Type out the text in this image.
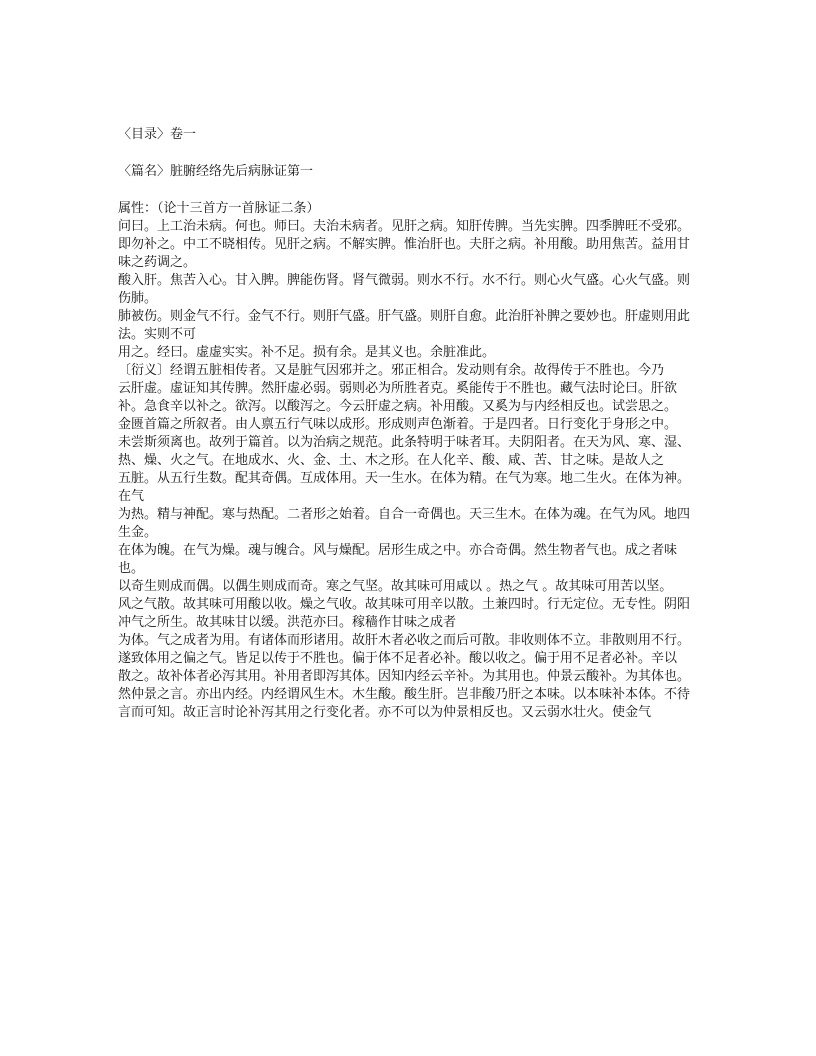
〈目录〉卷一
〈篇名〉脏腑经络先后病脉证第一
属性：（论十三首方一首脉证二条）
问曰。上工治未病。何也。师曰。夫治未病者。见肝之病。知肝传脾。当先实脾。四季脾旺不受邪。
即勿补之。中工不晓相传。见肝之病。不解实脾。惟治肝也。夫肝之病。补用酸。助用焦苦。益用甘味之药调之。
酸入肝。焦苦入心。甘入脾。脾能伤肾。肾气微弱。则水不行。水不行。则心火气盛。心火气盛。则伤肺。
肺被伤。则金气不行。金气不行。则肝气盛。肝气盛。则肝自愈。此治肝补脾之要妙也。肝虚则用此法。实则不可
用之。经曰。虚虚实实。补不足。损有余。是其义也。余脏准此。
〔衍义〕经谓五脏相传者。又是脏气因邪并之。邪正相合。发动则有余。故得传于不胜也。今乃
云肝虚。虚证知其传脾。然肝虚必弱。弱则必为所胜者克。奚能传于不胜也。藏气法时论曰。肝欲
补。急食辛以补之。欲泻。以酸泻之。今云肝虚之病。补用酸。又奚为与内经相反也。试尝思之。
金匮首篇之所叙者。由人禀五行气味以成形。形成则声色渐着。于是四者。日行变化于身形之中。
未尝斯须离也。故列于篇首。以为治病之规范。此条特明于味者耳。夫阴阳者。在天为风、寒、湿、热、燥、火之气。在地成水、火、金、土、木之形。在人化辛、酸、咸、苦、甘之味。是故人之
五脏。从五行生数。配其奇偶。互成体用。天一生水。在体为精。在气为寒。地二生火。在体为神。在气
为热。精与神配。寒与热配。二者形之始着。自合一奇偶也。天三生木。在体为魂。在气为风。地四生金。
在体为魄。在气为燥。魂与魄合。风与燥配。居形生成之中。亦合奇偶。然生物者气也。成之者味也。
以奇生则成而偶。以偶生则成而奇。寒之气坚。故其味可用咸以 。热之气 。故其味可用苦以坚。
风之气散。故其味可用酸以收。燥之气收。故其味可用辛以散。土兼四时。行无定位。无专性。阴阳
冲气之所生。故其味甘以缓。洪范亦曰。稼穑作甘味之成者
为体。气之成者为用。有诸体而形诸用。故肝木者必收之而后可散。非收则体不立。非散则用不行。
遂致体用之偏之气。皆足以传于不胜也。偏于体不足者必补。酸以收之。偏于用不足者必补。辛以
散之。故补体者必泻其用。补用者即泻其体。因知内经云辛补。为其用也。仲景云酸补。为其体也。
然仲景之言。亦出内经。内经谓风生木。木生酸。酸生肝。岂非酸乃肝之本味。以本味补本体。不待
言而可知。故正言时论补泻其用之行变化者。亦不可以为仲景相反也。又云弱水壮火。使金气
